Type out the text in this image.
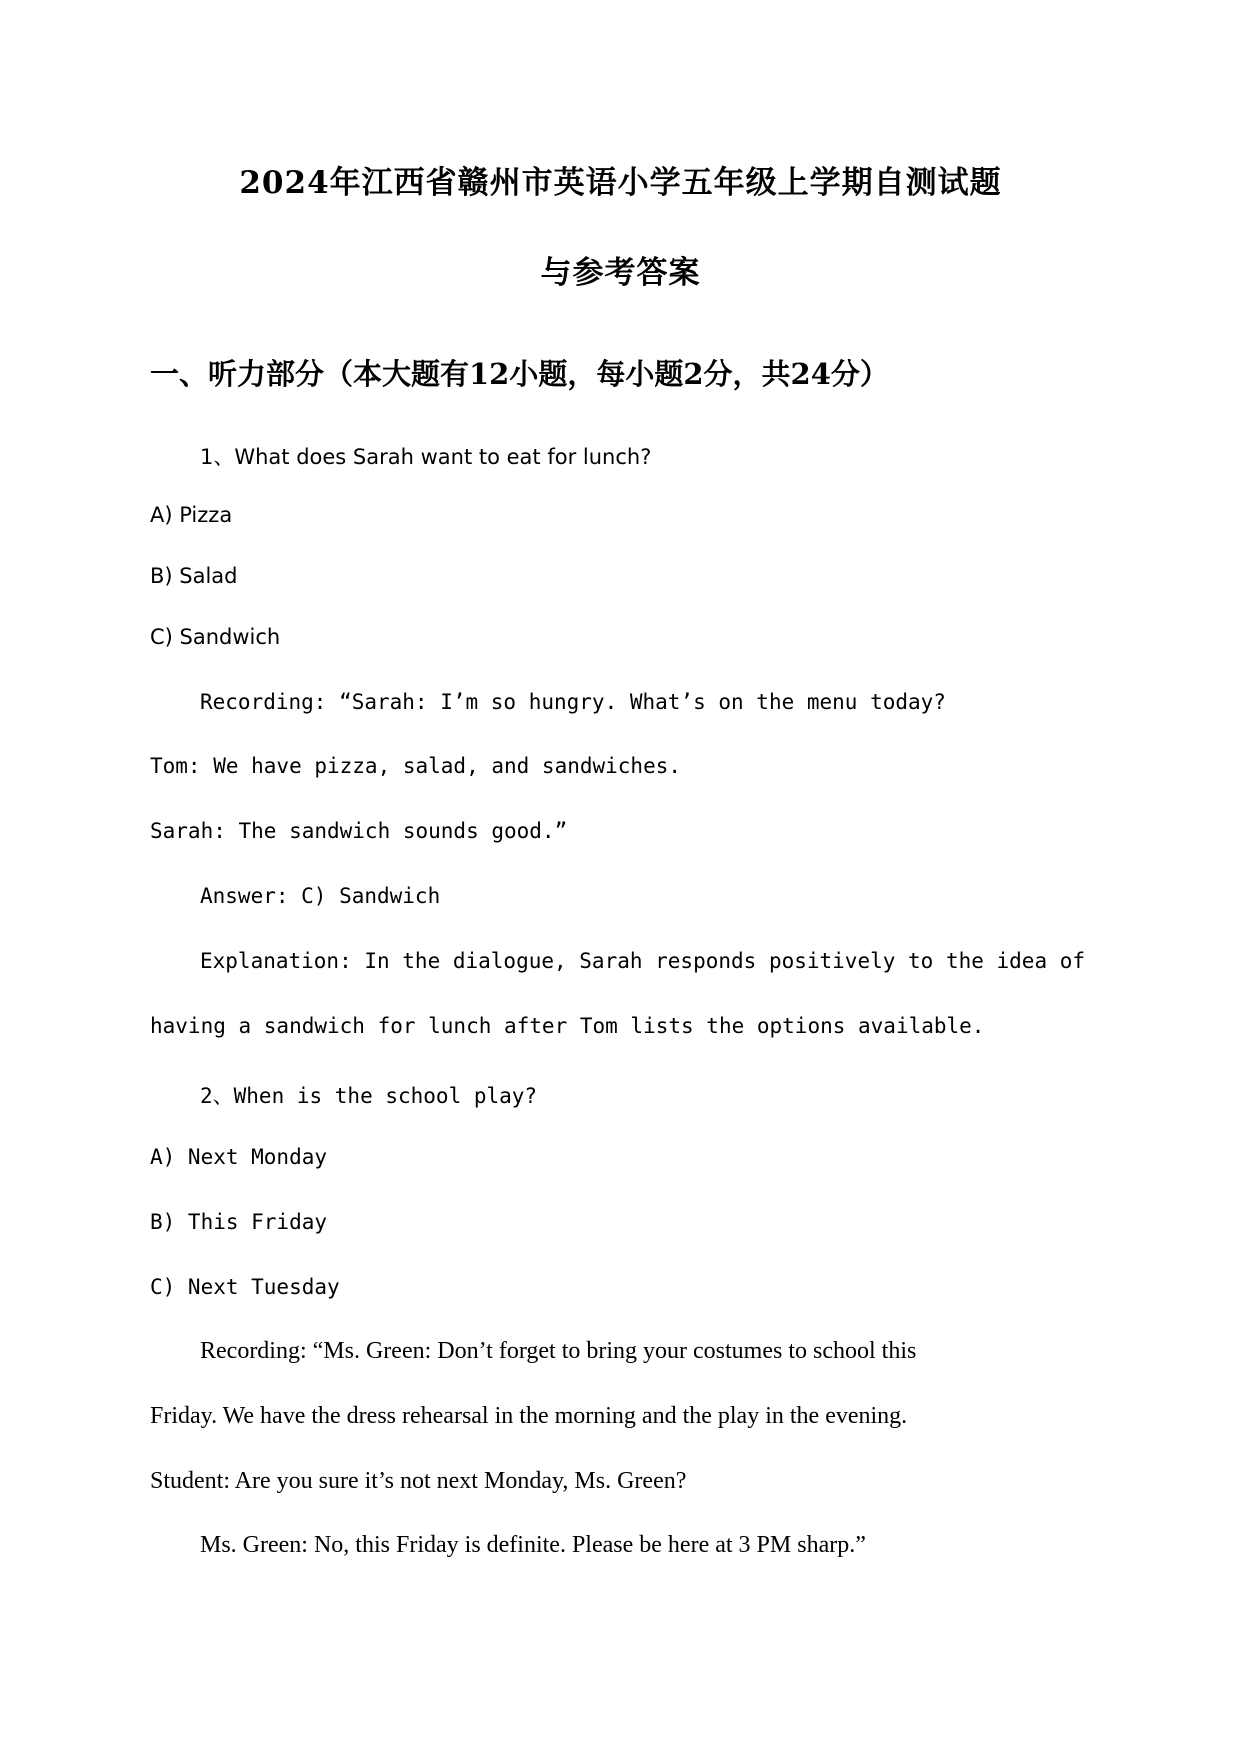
2024年江西省赣州市英语小学五年级上学期自测试题
与参考答案
一、听力部分（本大题有12小题，每小题2分，共24分）
1、What does Sarah want to eat for lunch?
A) Pizza
B) Salad
C) Sandwich
Recording: “Sarah: I’m so hungry. What’s on the menu today?
Tom: We have pizza, salad, and sandwiches.
Sarah: The sandwich sounds good.”
Answer: C) Sandwich
Explanation: In the dialogue, Sarah responds positively to the idea of
having a sandwich for lunch after Tom lists the options available.
2、When is the school play?
A) Next Monday
B) This Friday
C) Next Tuesday
Recording: “Ms. Green: Don’t forget to bring your costumes to school this
Friday. We have the dress rehearsal in the morning and the play in the evening.
Student: Are you sure it’s not next Monday, Ms. Green?
Ms. Green: No, this Friday is definite. Please be here at 3 PM sharp.”
